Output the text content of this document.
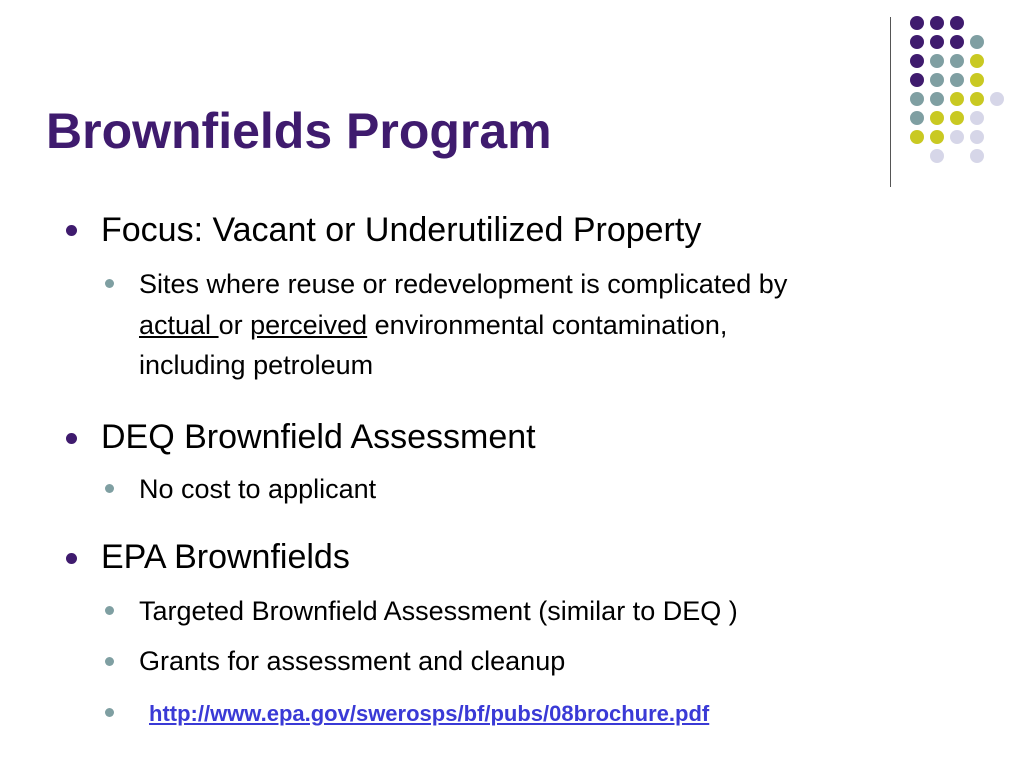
Brownfields Program

Focus: Vacant or Underutilized Property

Sites where reuse or redevelopment is complicated by

actual or perceived environmental contamination,

including petroleum

DEQ Brownfield Assessment

No cost to applicant

EPA Brownfields

Targeted Brownfield Assessment (similar to DEQ )

Grants for assessment and cleanup

http://www.epa.gov/swerosps/bf/pubs/08brochure.pdf
